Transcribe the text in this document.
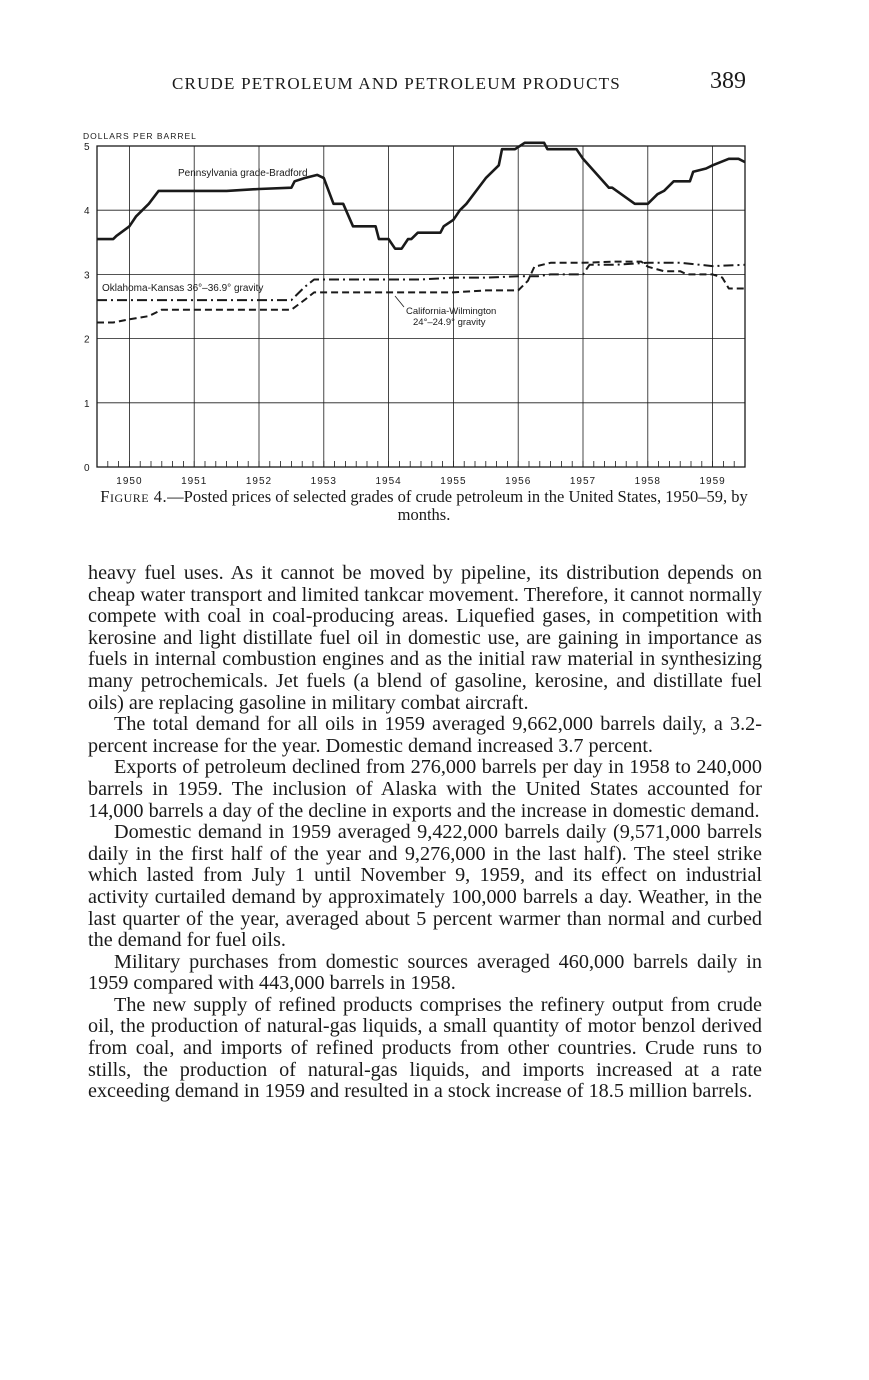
CRUDE PETROLEUM AND PETROLEUM PRODUCTS	389
0
1
2
3
4
5
1950	1951	1952	1953	1954	1955	1956	1957	1958	1959
DOLLARS PER BARREL
Pennsylvania grade-Bradford
Oklahoma-Kansas 36°–36.9° gravity
California-Wilmington
24°–24.9° gravity
Figure 4.—Posted prices of selected grades of crude petroleum in the United States, 1950–59, by months.

heavy fuel uses. As it cannot be moved by pipeline, its distribution depends on cheap water transport and limited tankcar movement. Therefore, it cannot normally compete with coal in coal-producing areas. Liquefied gases, in competition with kerosine and light distillate fuel oil in domestic use, are gaining in importance as fuels in internal combustion engines and as the initial raw material in synthesizing many petrochemicals. Jet fuels (a blend of gasoline, kerosine, and distillate fuel oils) are replacing gasoline in military combat aircraft.

The total demand for all oils in 1959 averaged 9,662,000 barrels daily, a 3.2-percent increase for the year. Domestic demand increased 3.7 percent.

Exports of petroleum declined from 276,000 barrels per day in 1958 to 240,000 barrels in 1959. The inclusion of Alaska with the United States accounted for 14,000 barrels a day of the decline in exports and the increase in domestic demand.

Domestic demand in 1959 averaged 9,422,000 barrels daily (9,571,000 barrels daily in the first half of the year and 9,276,000 in the last half). The steel strike which lasted from July 1 until November 9, 1959, and its effect on industrial activity curtailed demand by approximately 100,000 barrels a day. Weather, in the last quarter of the year, averaged about 5 percent warmer than normal and curbed the demand for fuel oils.

Military purchases from domestic sources averaged 460,000 barrels daily in 1959 compared with 443,000 barrels in 1958.

The new supply of refined products comprises the refinery output from crude oil, the production of natural-gas liquids, a small quantity of motor benzol derived from coal, and imports of refined products from other countries. Crude runs to stills, the production of natural-gas liquids, and imports increased at a rate exceeding demand in 1959 and resulted in a stock increase of 18.5 million barrels.
